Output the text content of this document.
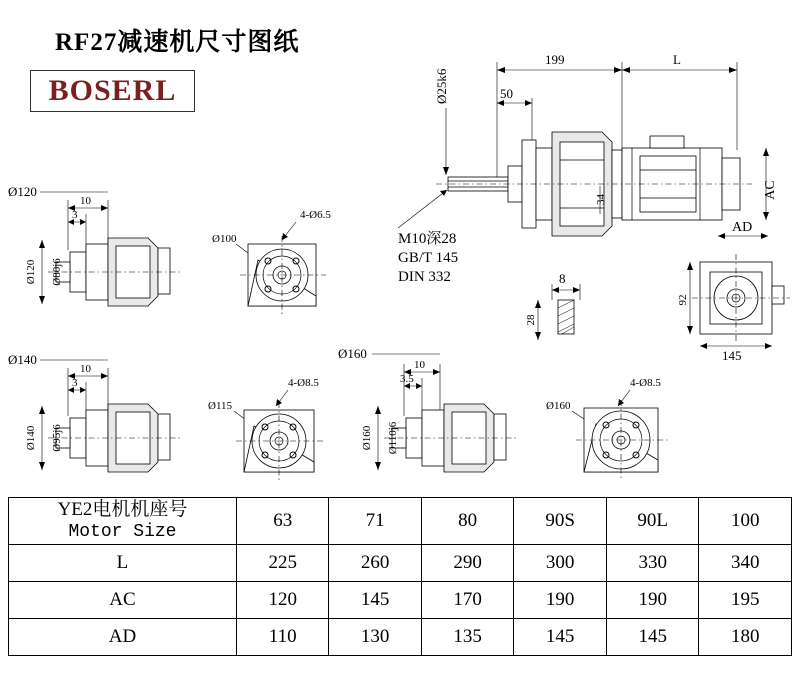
RF27减速机尺寸图纸
BOSERL
199	L
50
Ø25k6
AC
34
8
28
AD
92
145
Ø120
10
3
Ø120 Ø80j6
Ø100
4-Ø6.5
Ø140
10
3
Ø140 Ø95j6
Ø115
4-Ø8.5
Ø160
10
3.5
Ø160 Ø110j6
Ø160
4-Ø8.5
M10深28
GB/T 145
DIN 332
YE2电机机座号
Motor Size	63	71	80	90S	90L	100
L	225	260	290	300	330	340
AC	120	145	170	190	190	195
AD	110	130	135	145	145	180
